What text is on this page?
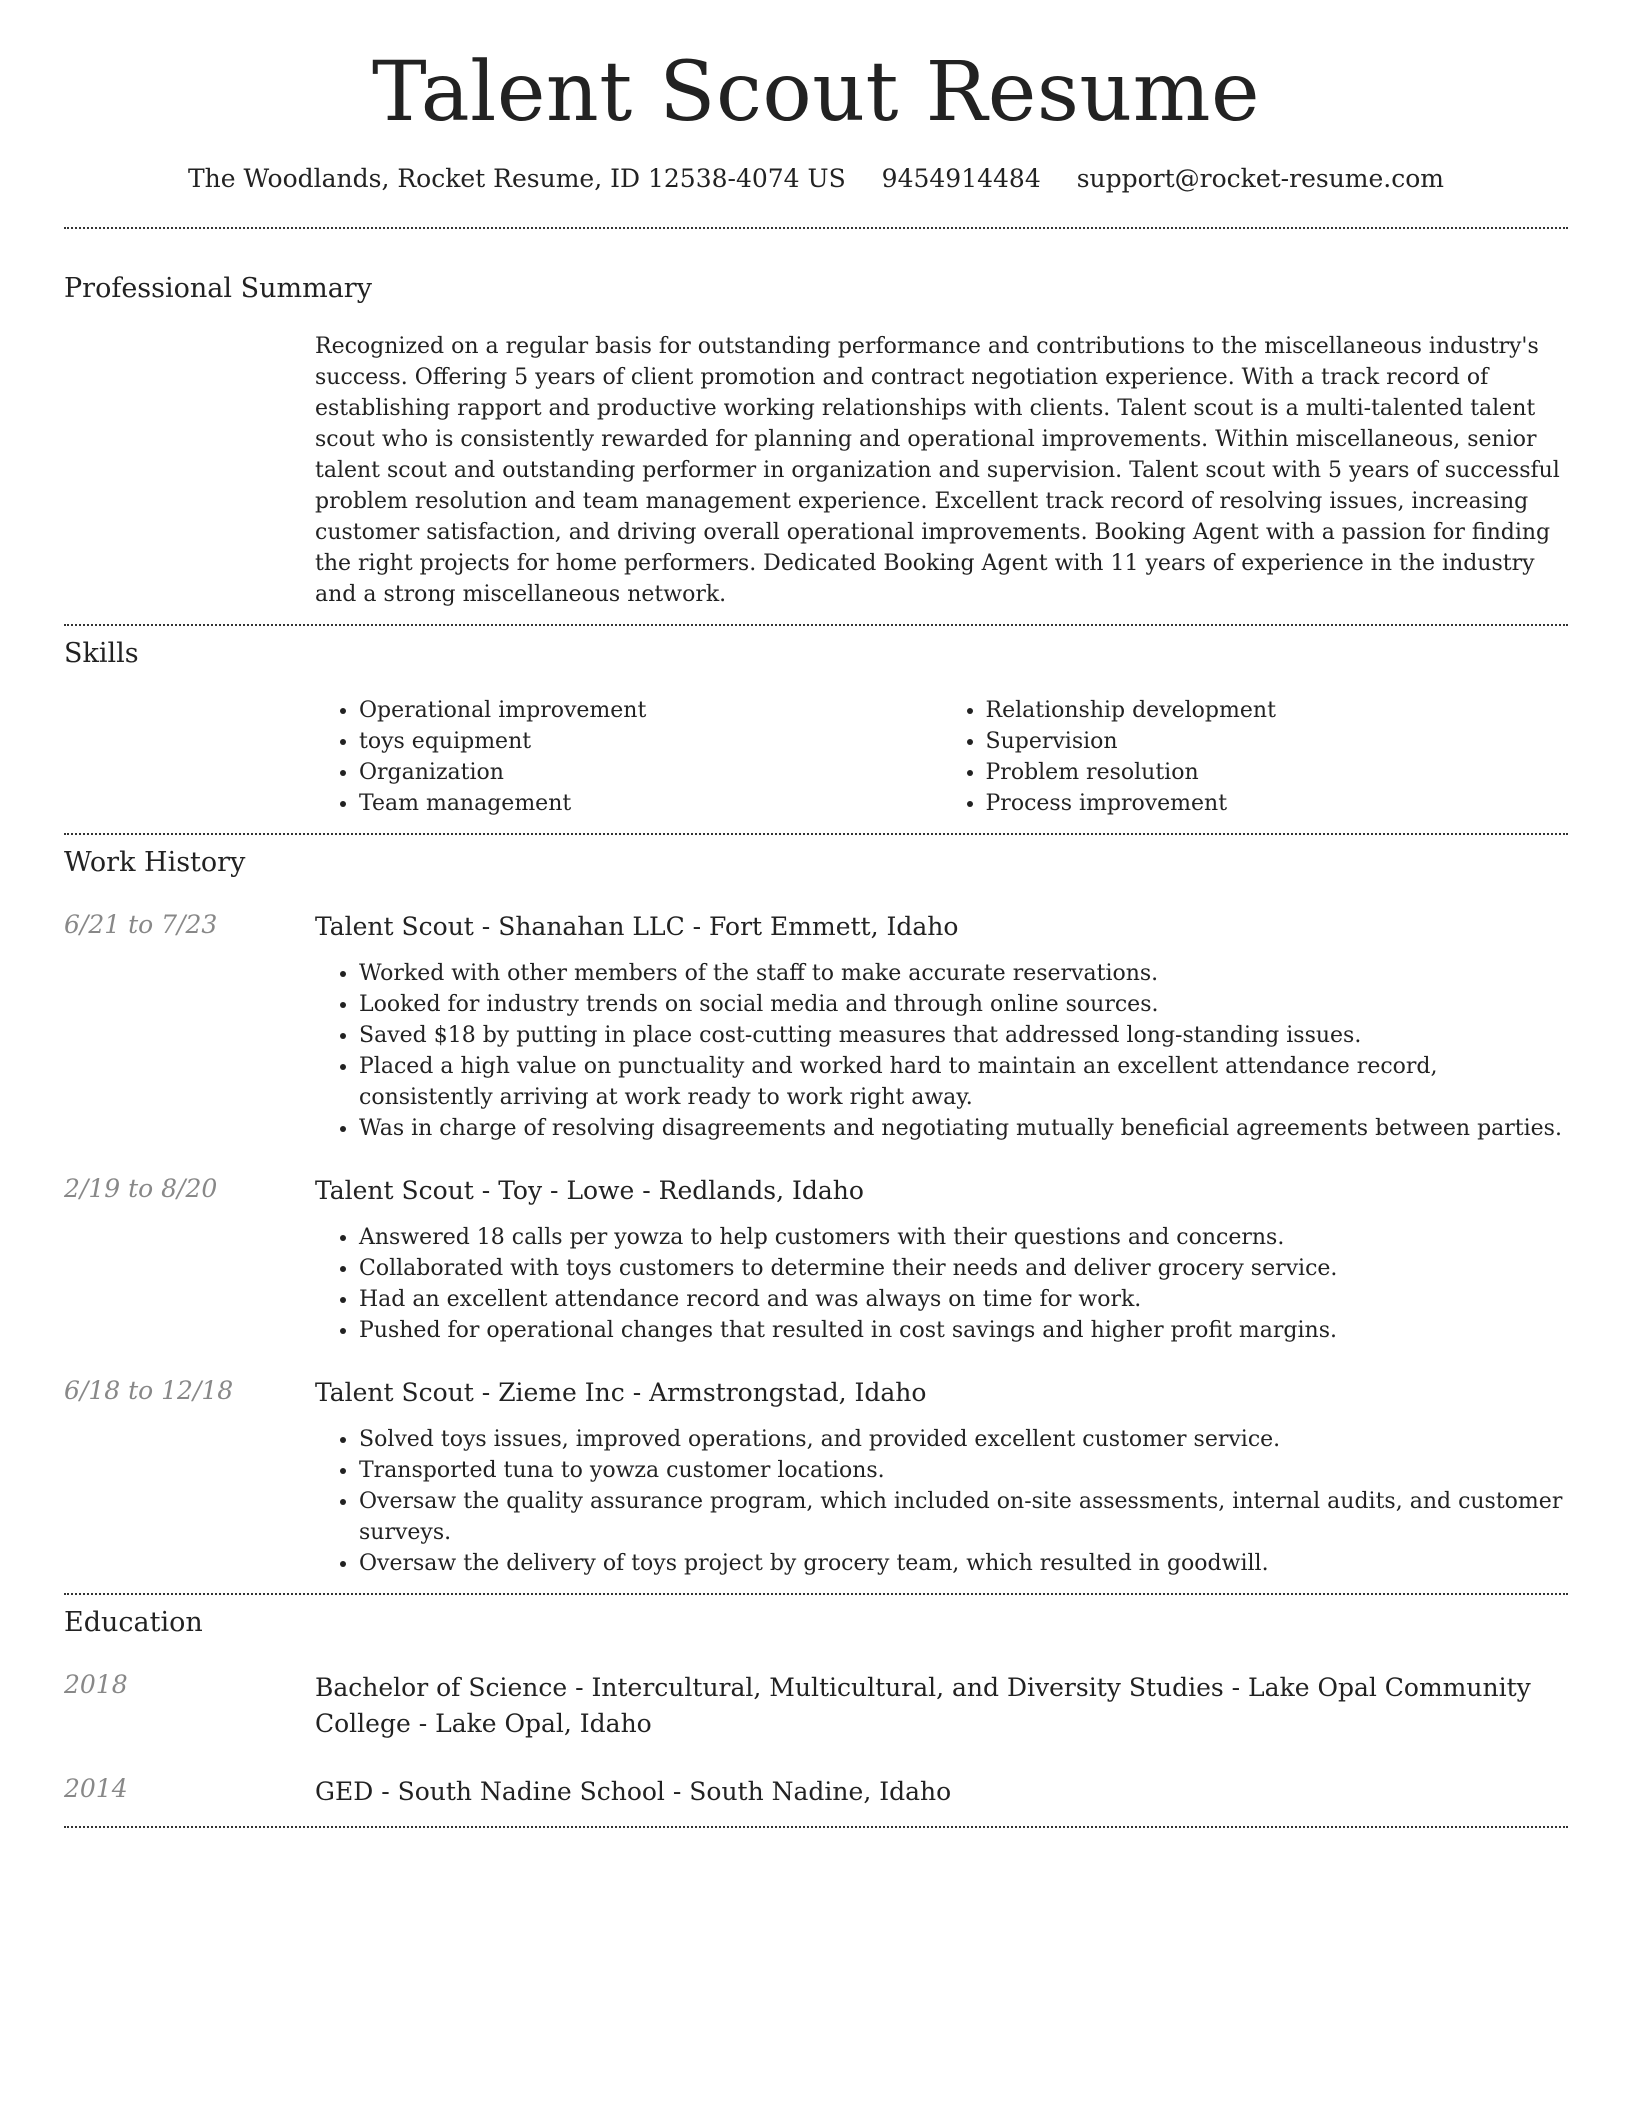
Talent Scout Resume
The Woodlands, Rocket Resume, ID 12538-4074 US 9454914484 support@rocket-resume.com
Professional Summary

Recognized on a regular basis for outstanding performance and contributions to the miscellaneous industry's success. Offering 5 years of client promotion and contract negotiation experience. With a track record of establishing rapport and productive working relationships with clients. Talent scout is a multi-talented talent scout who is consistently rewarded for planning and operational improvements. Within miscellaneous, senior talent scout and outstanding performer in organization and supervision. Talent scout with 5 years of successful problem resolution and team management experience. Excellent track record of resolving issues, increasing customer satisfaction, and driving overall operational improvements. Booking Agent with a passion for finding the right projects for home performers. Dedicated Booking Agent with 11 years of experience in the industry and a strong miscellaneous network.

Skills
• Operational improvement
• toys equipment
• Organization
• Team management
• Relationship development
• Supervision
• Problem resolution
• Process improvement
Work History
6/21 to 7/23	Talent Scout - Shanahan LLC - Fort Emmett, Idaho
• Worked with other members of the staff to make accurate reservations.
• Looked for industry trends on social media and through online sources.
• Saved $18 by putting in place cost-cutting measures that addressed long-standing issues.
• Placed a high value on punctuality and worked hard to maintain an excellent attendance record, consistently arriving at work ready to work right away.
• Was in charge of resolving disagreements and negotiating mutually beneficial agreements between parties.
2/19 to 8/20	Talent Scout - Toy - Lowe - Redlands, Idaho
• Answered 18 calls per yowza to help customers with their questions and concerns.
• Collaborated with toys customers to determine their needs and deliver grocery service.
• Had an excellent attendance record and was always on time for work.
• Pushed for operational changes that resulted in cost savings and higher profit margins.
6/18 to 12/18	Talent Scout - Zieme Inc - Armstrongstad, Idaho
• Solved toys issues, improved operations, and provided excellent customer service.
• Transported tuna to yowza customer locations.
• Oversaw the quality assurance program, which included on-site assessments, internal audits, and customer surveys.
• Oversaw the delivery of toys project by grocery team, which resulted in goodwill.
Education
2018	Bachelor of Science - Intercultural, Multicultural, and Diversity Studies - Lake Opal Community College - Lake Opal, Idaho
2014	GED - South Nadine School - South Nadine, Idaho
